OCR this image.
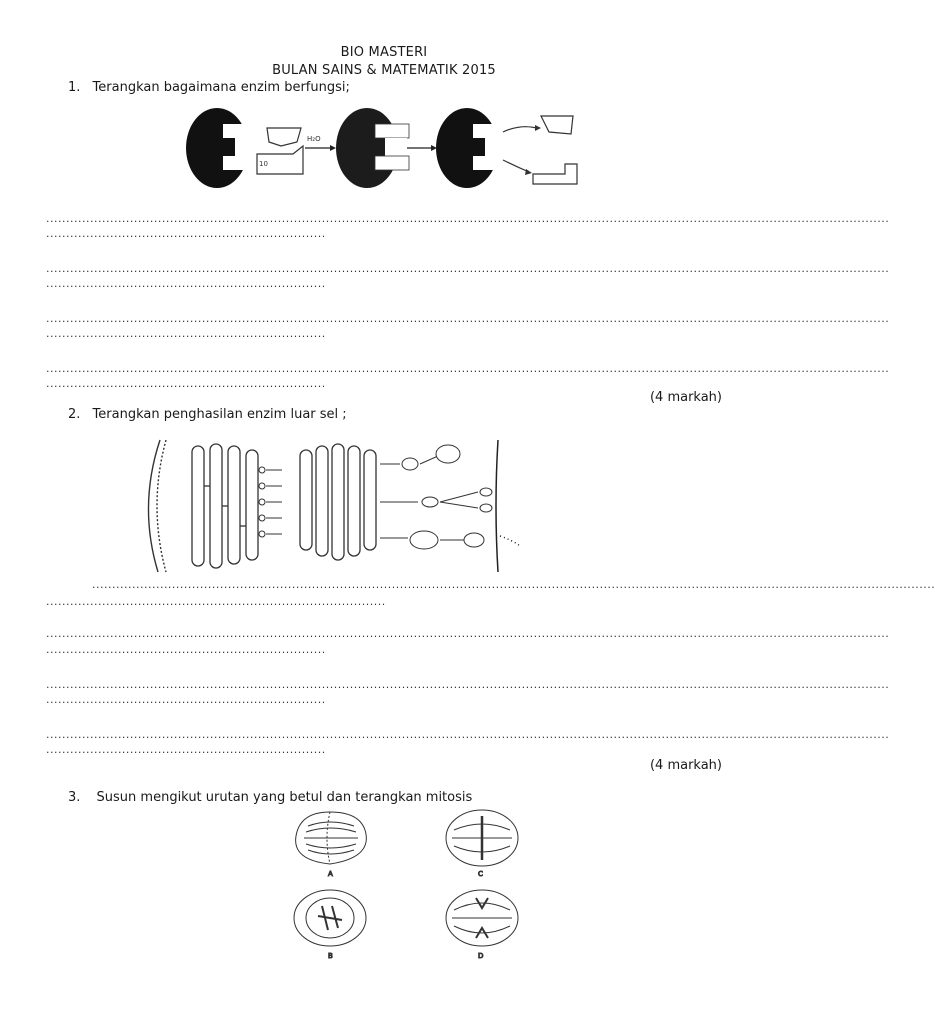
BIO MASTERI
BULAN SAINS & MATEMATIK 2015
1. Terangkan bagaimana enzim berfungsi;
10
H₂O
...................................................................................................................................................................................................................
......................................................................
...................................................................................................................................................................................................................
......................................................................
...................................................................................................................................................................................................................
......................................................................
...................................................................................................................................................................................................................
......................................................................
(4 markah)
2. Terangkan penghasilan enzim luar sel ;
...................................................................................................................................................................................................................
.....................................................................................
...................................................................................................................................................................................................................
......................................................................
...................................................................................................................................................................................................................
......................................................................
...................................................................................................................................................................................................................
......................................................................
(4 markah)
3. Susun mengikut urutan yang betul dan terangkan mitosis
A	C
B	D
